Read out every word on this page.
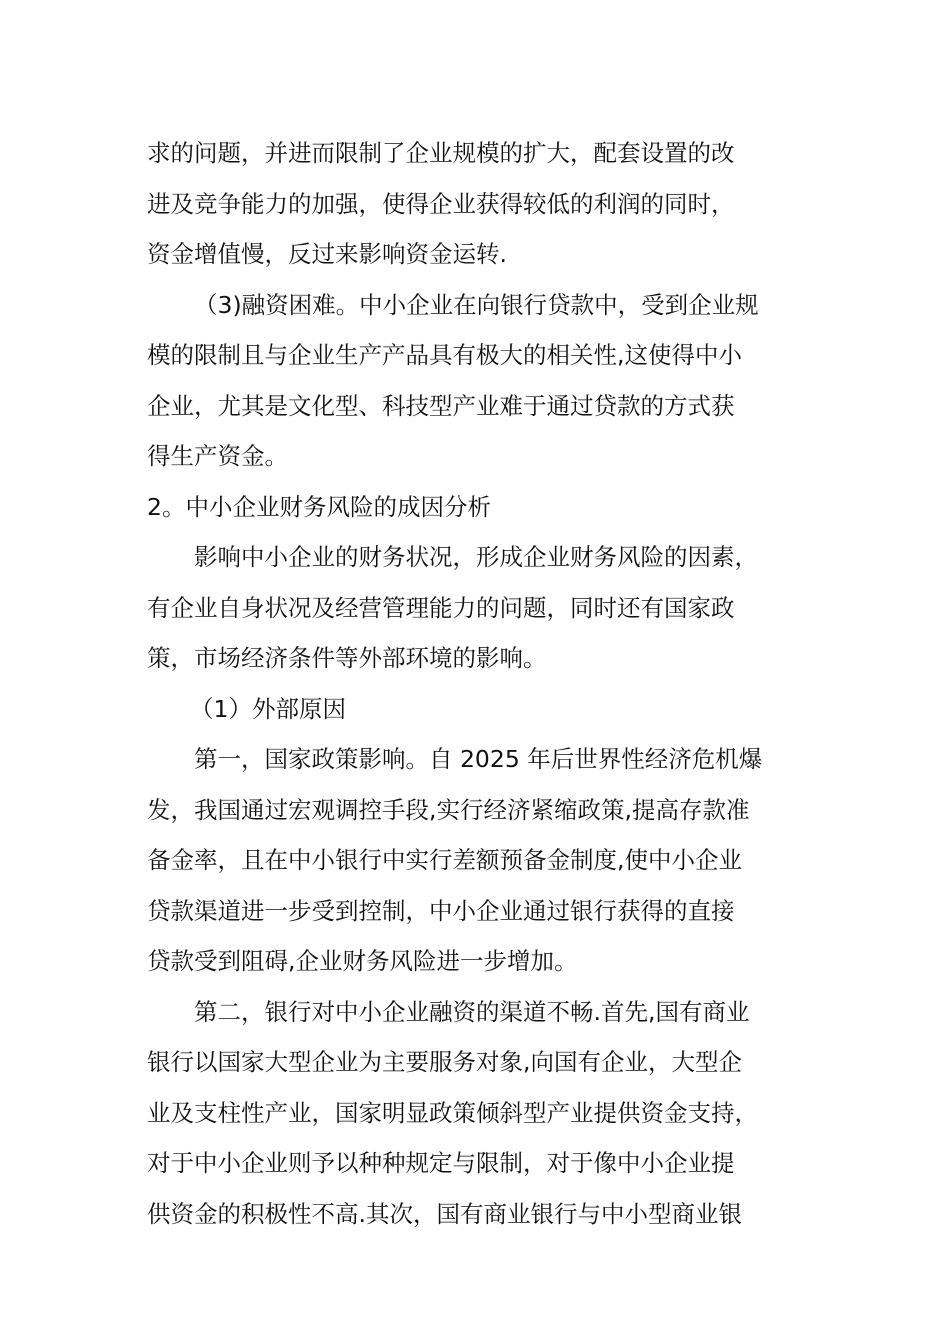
求的问题，并进而限制了企业规模的扩大，配套设置的改
进及竞争能力的加强，使得企业获得较低的利润的同时，
资金增值慢，反过来影响资金运转.
（3)融资困难。中小企业在向银行贷款中，受到企业规
模的限制且与企业生产产品具有极大的相关性,这使得中小
企业，尤其是文化型、科技型产业难于通过贷款的方式获
得生产资金。
2。中小企业财务风险的成因分析
影响中小企业的财务状况，形成企业财务风险的因素，
有企业自身状况及经营管理能力的问题，同时还有国家政
策，市场经济条件等外部环境的影响。
（1）外部原因
第一，国家政策影响。自 2025 年后世界性经济危机爆
发，我国通过宏观调控手段,实行经济紧缩政策,提高存款准
备金率，且在中小银行中实行差额预备金制度,使中小企业
贷款渠道进一步受到控制，中小企业通过银行获得的直接
贷款受到阻碍,企业财务风险进一步增加。
第二，银行对中小企业融资的渠道不畅.首先,国有商业
银行以国家大型企业为主要服务对象,向国有企业，大型企
业及支柱性产业，国家明显政策倾斜型产业提供资金支持，
对于中小企业则予以种种规定与限制，对于像中小企业提
供资金的积极性不高.其次，国有商业银行与中小型商业银
